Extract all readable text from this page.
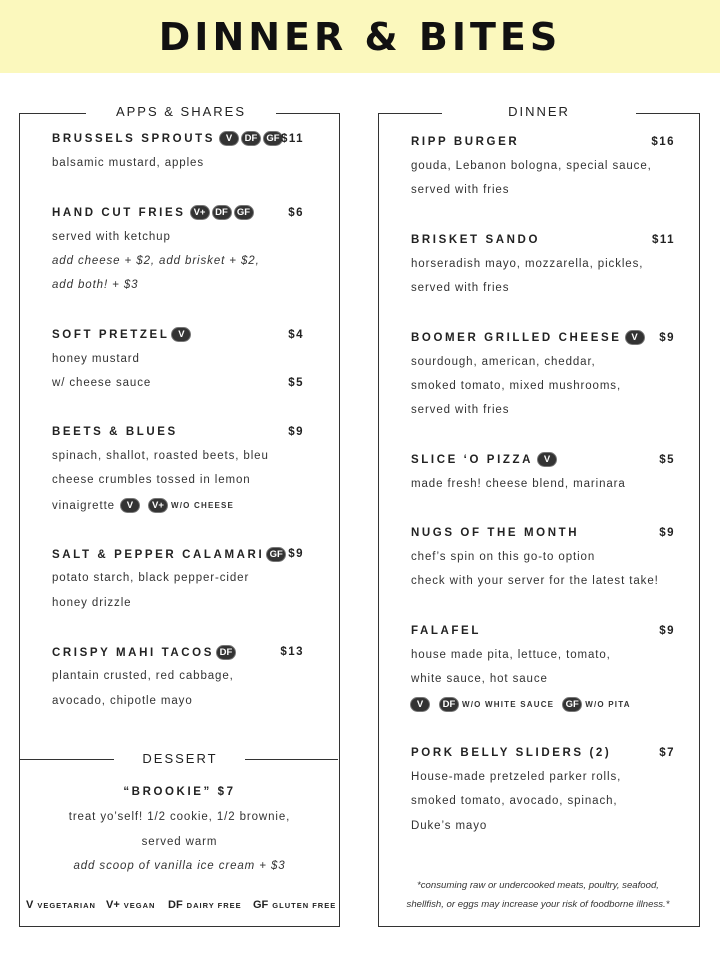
DINNER & BITES
APPS & SHARES	DINNER
BRUSSELS SPROUTS	V	DF GF $11
balsamic mustard, apples
HAND CUT FRIES V+	DF GF	$6
served with ketchup
add cheese + $2, add brisket + $2,
add both! + $3
SOFT PRETZEL V	$4
honey mustard
w/ cheese sauce	$5
BEETS & BLUES	$9
spinach, shallot, roasted beets, bleu
cheese crumbles tossed in lemon
vinaigrette	V	V+ W/O CHEESE
SALT & PEPPER CALAMARI GF $9
potato starch, black pepper-cider
honey drizzle
CRISPY MAHI TACOS DF	$13
plantain crusted, red cabbage,
avocado, chipotle mayo
DESSERT
“BROOKIE” $7
treat yo’self! 1/2 cookie, 1/2 brownie,
served warm
add scoop of vanilla ice cream + $3
V VEGETARIAN V+ VEGAN DF DAIRY FREE GF GLUTEN FREE
RIPP BURGER	$16
gouda, Lebanon bologna, special sauce,
served with fries
BRISKET SANDO	$11
horseradish mayo, mozzarella, pickles,
served with fries
BOOMER GRILLED CHEESE	V	$9
sourdough, american, cheddar,
smoked tomato, mixed mushrooms,
served with fries
SLICE ‘O PIZZA	V	$5
made fresh! cheese blend, marinara
NUGS OF THE MONTH	$9
chef’s spin on this go-to option
check with your server for the latest take!
FALAFEL	$9
house made pita, lettuce, tomato,
white sauce, hot sauce
V	DF W/O WHITE SAUCE	GF W/O PITA
PORK BELLY SLIDERS (2)	$7
House-made pretzeled parker rolls,
smoked tomato, avocado, spinach,
Duke’s mayo
*consuming raw or undercooked meats, poultry, seafood,
shellfish, or eggs may increase your risk of foodborne illness.*
